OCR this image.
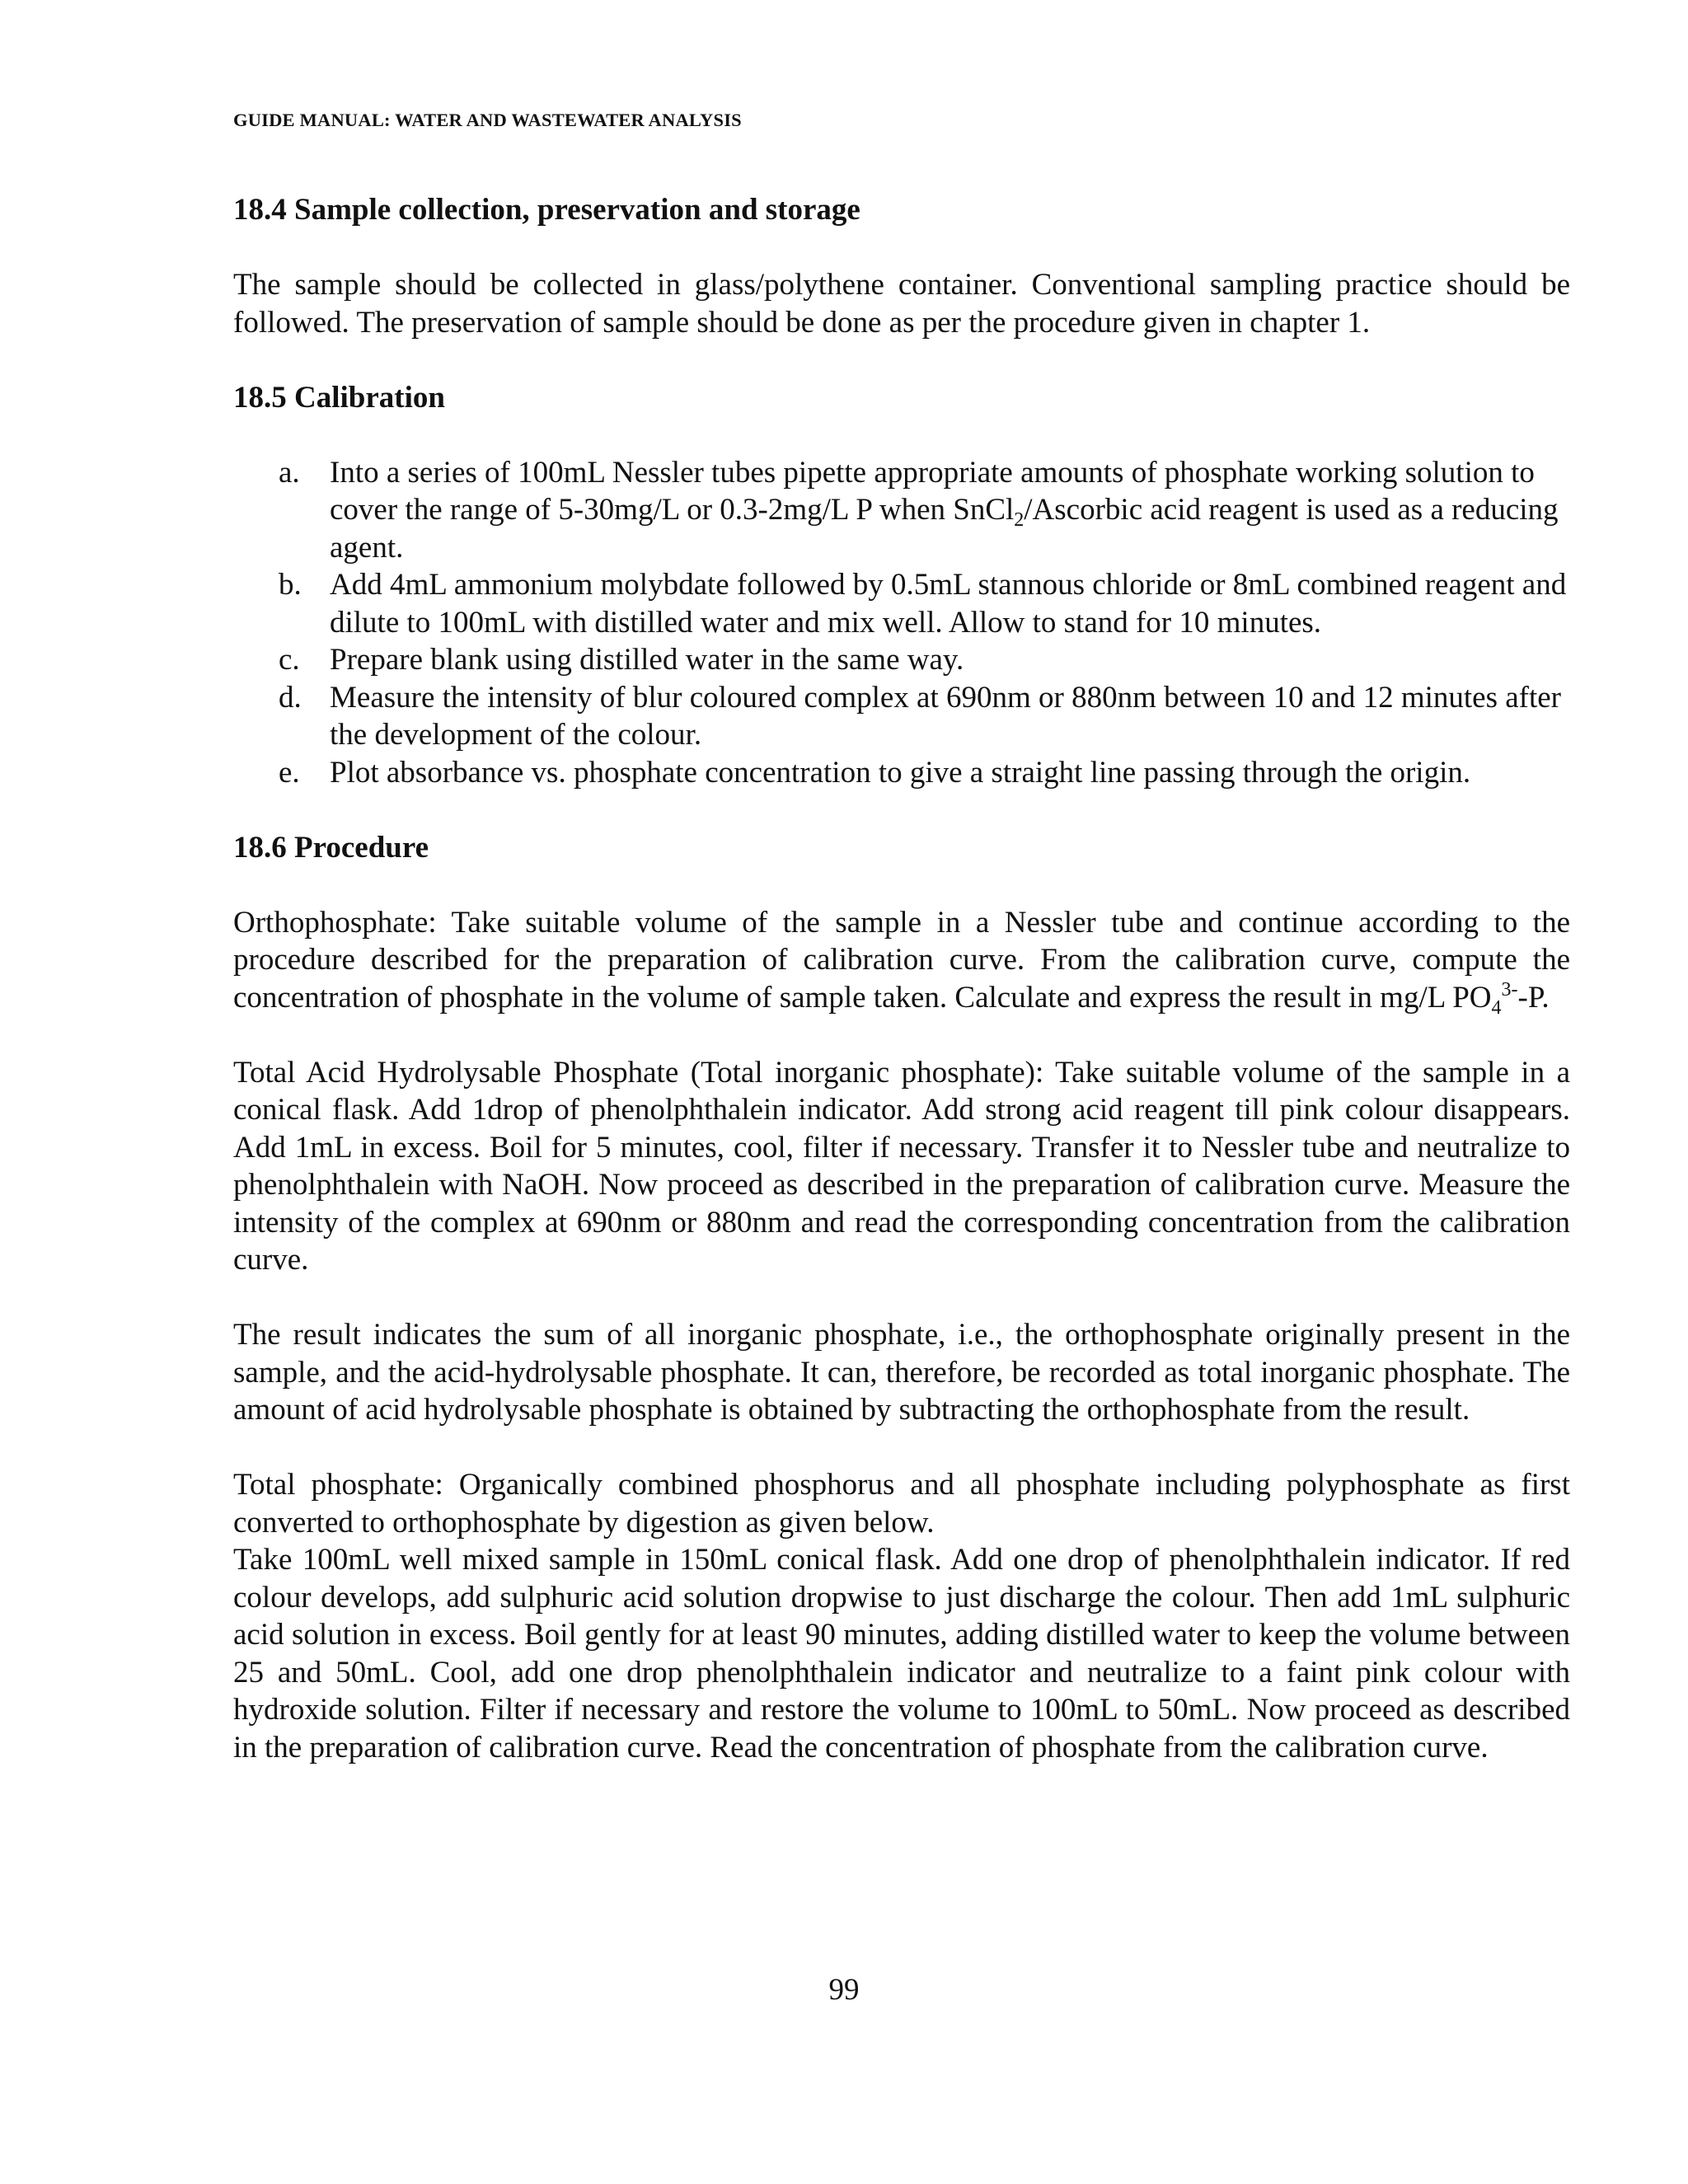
GUIDE MANUAL: WATER AND WASTEWATER ANALYSIS

18.4 Sample collection, preservation and storage

The sample should be collected in glass/polythene container. Conventional sampling practice should be followed. The preservation of sample should be done as per the procedure given in chapter 1.

18.5 Calibration

a. Into a series of 100mL Nessler tubes pipette appropriate amounts of phosphate working solution to cover the range of 5-30mg/L or 0.3-2mg/L P when SnCl$_2$/Ascorbic acid reagent is used as a reducing agent.
b. Add 4mL ammonium molybdate followed by 0.5mL stannous chloride or 8mL combined reagent and dilute to 100mL with distilled water and mix well. Allow to stand for 10 minutes.
c. Prepare blank using distilled water in the same way.
d. Measure the intensity of blur coloured complex at 690nm or 880nm between 10 and 12 minutes after the development of the colour.
e. Plot absorbance vs. phosphate concentration to give a straight line passing through the origin.

18.6 Procedure

Orthophosphate: Take suitable volume of the sample in a Nessler tube and continue according to the procedure described for the preparation of calibration curve. From the calibration curve, compute the concentration of phosphate in the volume of sample taken. Calculate and express the result in mg/L $PO_4^{3-}-P$.

Total Acid Hydrolysable Phosphate (Total inorganic phosphate): Take suitable volume of the sample in a conical flask. Add 1drop of phenolphthalein indicator. Add strong acid reagent till pink colour disappears. Add 1mL in excess. Boil for 5 minutes, cool, filter if necessary. Transfer it to Nessler tube and neutralize to phenolphthalein with NaOH. Now proceed as described in the preparation of calibration curve. Measure the intensity of the complex at 690nm or 880nm and read the corresponding concentration from the calibration curve.

The result indicates the sum of all inorganic phosphate, i.e., the orthophosphate originally present in the sample, and the acid-hydrolysable phosphate. It can, therefore, be recorded as total inorganic phosphate. The amount of acid hydrolysable phosphate is obtained by subtracting the orthophosphate from the result.

Total phosphate: Organically combined phosphorus and all phosphate including polyphosphate as first converted to orthophosphate by digestion as given below.

Take 100mL well mixed sample in 150mL conical flask. Add one drop of phenolphthalein indicator. If red colour develops, add sulphuric acid solution dropwise to just discharge the colour. Then add 1mL sulphuric acid solution in excess. Boil gently for at least 90 minutes, adding distilled water to keep the volume between 25 and 50mL. Cool, add one drop phenolphthalein indicator and neutralize to a faint pink colour with hydroxide solution. Filter if necessary and restore the volume to 100mL to 50mL. Now proceed as described in the preparation of calibration curve. Read the concentration of phosphate from the calibration curve.

99
